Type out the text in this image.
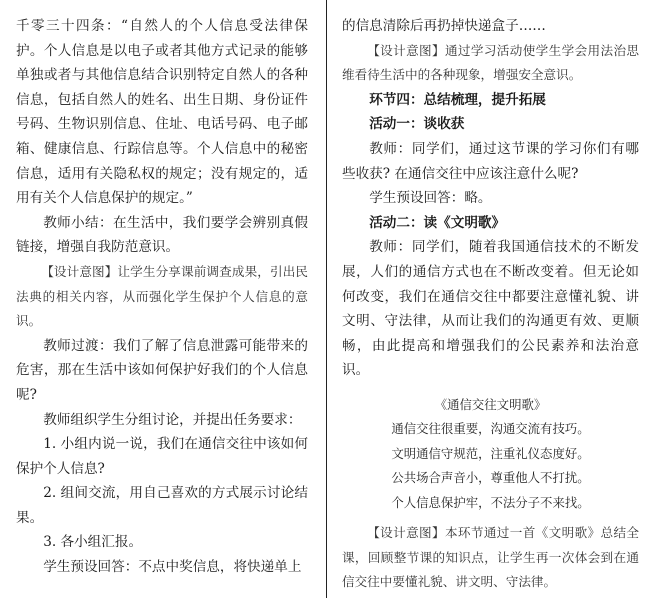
千零三十四条：“自然人的个人信息受法律保护。个人信息是以电子或者其他方式记录的能够单独或者与其他信息结合识别特定自然人的各种信息，包括自然人的姓名、出生日期、身份证件号码、生物识别信息、住址、电话号码、电子邮箱、健康信息、行踪信息等。个人信息中的秘密信息，适用有关隐私权的规定；没有规定的，适用有关个人信息保护的规定。”

教师小结：在生活中，我们要学会辨别真假链接，增强自我防范意识。

【设计意图】让学生分享课前调查成果，引出民法典的相关内容，从而强化学生保护个人信息的意识。

教师过渡：我们了解了信息泄露可能带来的危害，那在生活中该如何保护好我们的个人信息呢?

教师组织学生分组讨论，并提出任务要求：

1. 小组内说一说，我们在通信交往中该如何保护个人信息?

2. 组间交流，用自己喜欢的方式展示讨论结果。

3. 各小组汇报。

学生预设回答：不点中奖信息，将快递单上

的信息清除后再扔掉快递盒子……

【设计意图】通过学习活动使学生学会用法治思维看待生活中的各种现象，增强安全意识。

环节四：总结梳理，提升拓展

活动一：谈收获

教师：同学们，通过这节课的学习你们有哪些收获? 在通信交往中应该注意什么呢?

学生预设回答：略。

活动二：读《文明歌》

教师：同学们，随着我国通信技术的不断发展，人们的通信方式也在不断改变着。但无论如何改变，我们在通信交往中都要注意懂礼貌、讲文明、守法律，从而让我们的沟通更有效、更顺畅，由此提高和增强我们的公民素养和法治意识。

《通信交往文明歌》

通信交往很重要，沟通交流有技巧。

文明通信守规范，注重礼仪态度好。

公共场合声音小，尊重他人不打扰。

个人信息保护牢，不法分子不来找。

【设计意图】本环节通过一首《文明歌》总结全课，回顾整节课的知识点，让学生再一次体会到在通信交往中要懂礼貌、讲文明、守法律。
